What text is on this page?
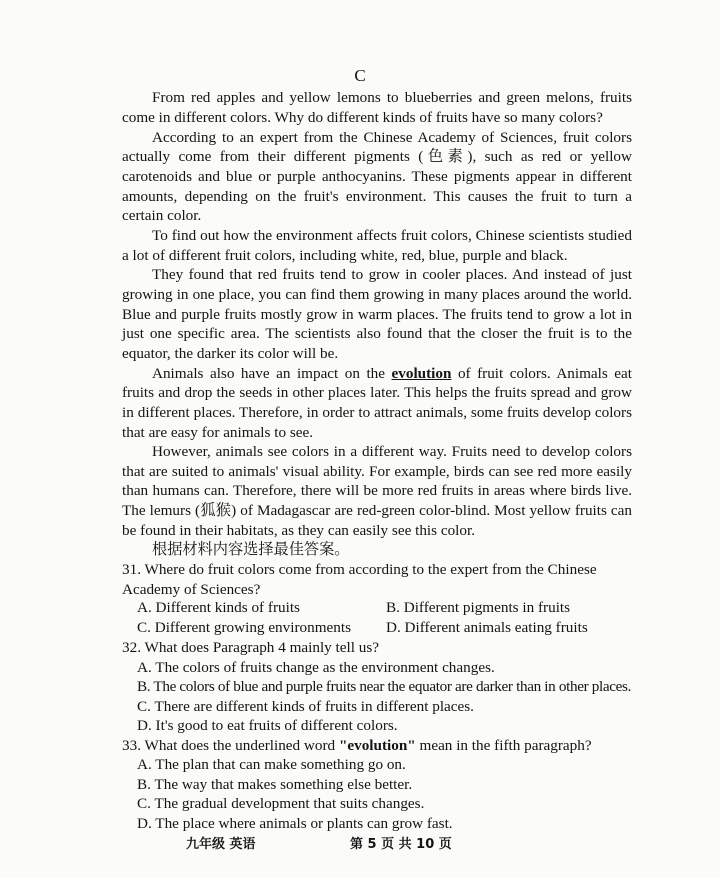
C
From red apples and yellow lemons to blueberries and green melons, fruits
come in different colors. Why do different kinds of fruits have so many colors?
According to an expert from the Chinese Academy of Sciences, fruit colors
actually come from their different pigments (色素), such as red or yellow
carotenoids and blue or purple anthocyanins. These pigments appear in different
amounts, depending on the fruit's environment. This causes the fruit to turn a
certain color.
To find out how the environment affects fruit colors, Chinese scientists studied
a lot of different fruit colors, including white, red, blue, purple and black.
They found that red fruits tend to grow in cooler places. And instead of just
growing in one place, you can find them growing in many places around the world.
Blue and purple fruits mostly grow in warm places. The fruits tend to grow a lot in
just one specific area. The scientists also found that the closer the fruit is to the
equator, the darker its color will be.
Animals also have an impact on the evolution of fruit colors. Animals eat
fruits and drop the seeds in other places later. This helps the fruits spread and grow
in different places. Therefore, in order to attract animals, some fruits develop colors
that are easy for animals to see.
However, animals see colors in a different way. Fruits need to develop colors
that are suited to animals' visual ability. For example, birds can see red more easily
than humans can. Therefore, there will be more red fruits in areas where birds live.
The lemurs (狐猴) of Madagascar are red-green color-blind. Most yellow fruits can
be found in their habitats, as they can easily see this color.
根据材料内容选择最佳答案。
31. Where do fruit colors come from according to the expert from the Chinese
Academy of Sciences?
A. Different kinds of fruits	B. Different pigments in fruits
C. Different growing environments D. Different animals eating fruits
32. What does Paragraph 4 mainly tell us?
A. The colors of fruits change as the environment changes.
B. The colors of blue and purple fruits near the equator are darker than in other places.
C. There are different kinds of fruits in different places.
D. It's good to eat fruits of different colors.
33. What does the underlined word "evolution" mean in the fifth paragraph?
A. The plan that can make something go on.
B. The way that makes something else better.
C. The gradual development that suits changes.
D. The place where animals or plants can grow fast.
九年级 英语	第 5 页 共 10 页
